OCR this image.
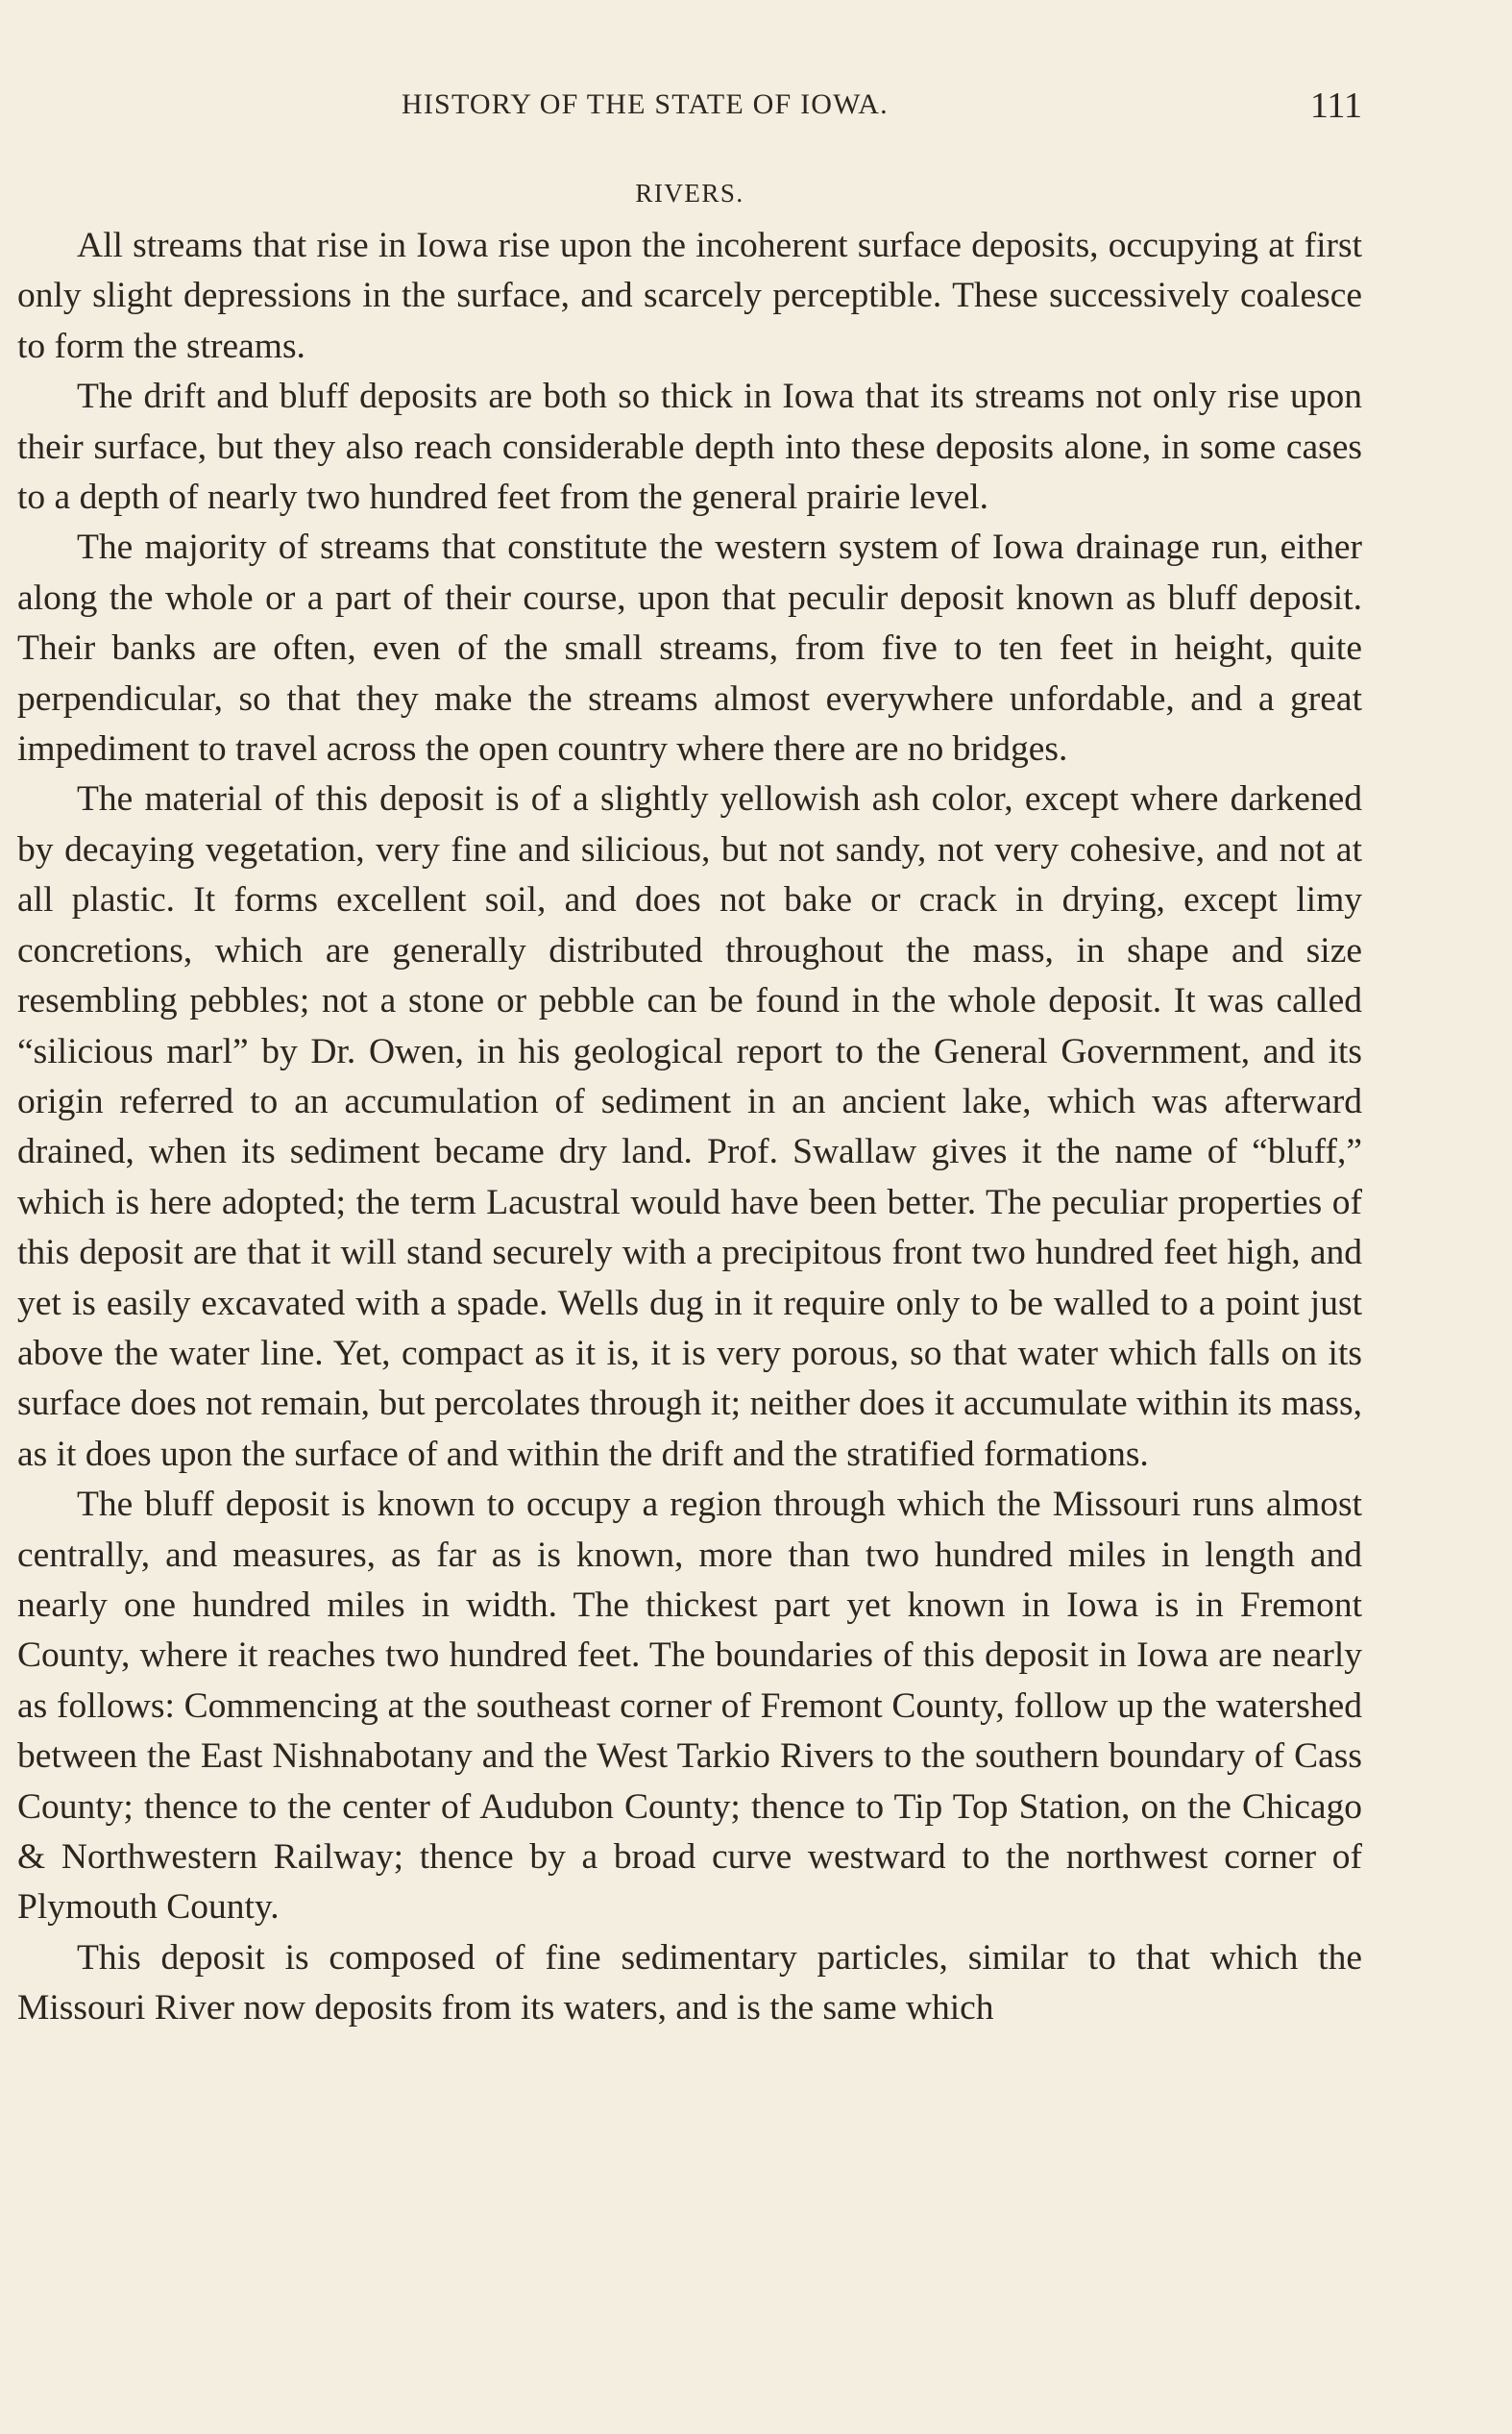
HISTORY OF THE STATE OF IOWA.	111
RIVERS.

All streams that rise in Iowa rise upon the incoherent surface deposits, occupying at first only slight depressions in the surface, and scarcely perceptible. These successively coalesce to form the streams.

The drift and bluff deposits are both so thick in Iowa that its streams not only rise upon their surface, but they also reach considerable depth into these deposits alone, in some cases to a depth of nearly two hundred feet from the general prairie level.

The majority of streams that constitute the western system of Iowa drainage run, either along the whole or a part of their course, upon that peculir deposit known as bluff deposit. Their banks are often, even of the small streams, from five to ten feet in height, quite perpendicular, so that they make the streams almost everywhere unfordable, and a great impediment to travel across the open country where there are no bridges.

The material of this deposit is of a slightly yellowish ash color, except where darkened by decaying vegetation, very fine and silicious, but not sandy, not very cohesive, and not at all plastic. It forms excellent soil, and does not bake or crack in drying, except limy concretions, which are generally distributed throughout the mass, in shape and size resembling pebbles; not a stone or pebble can be found in the whole deposit. It was called “silicious marl” by Dr. Owen, in his geological report to the General Government, and its origin referred to an accumulation of sediment in an ancient lake, which was afterward drained, when its sediment became dry land. Prof. Swallaw gives it the name of “bluff,” which is here adopted; the term Lacustral would have been better. The peculiar properties of this deposit are that it will stand securely with a precipitous front two hundred feet high, and yet is easily excavated with a spade. Wells dug in it require only to be walled to a point just above the water line. Yet, compact as it is, it is very porous, so that water which falls on its surface does not remain, but percolates through it; neither does it accumulate within its mass, as it does upon the surface of and within the drift and the stratified formations.

The bluff deposit is known to occupy a region through which the Missouri runs almost centrally, and measures, as far as is known, more than two hundred miles in length and nearly one hundred miles in width. The thickest part yet known in Iowa is in Fremont County, where it reaches two hundred feet. The boundaries of this deposit in Iowa are nearly as follows: Commencing at the southeast corner of Fremont County, follow up the watershed between the East Nishnabotany and the West Tarkio Rivers to the southern boundary of Cass County; thence to the center of Audubon County; thence to Tip Top Station, on the Chicago & Northwestern Railway; thence by a broad curve westward to the northwest corner of Plymouth County.

This deposit is composed of fine sedimentary particles, similar to that which the Missouri River now deposits from its waters, and is the same which
